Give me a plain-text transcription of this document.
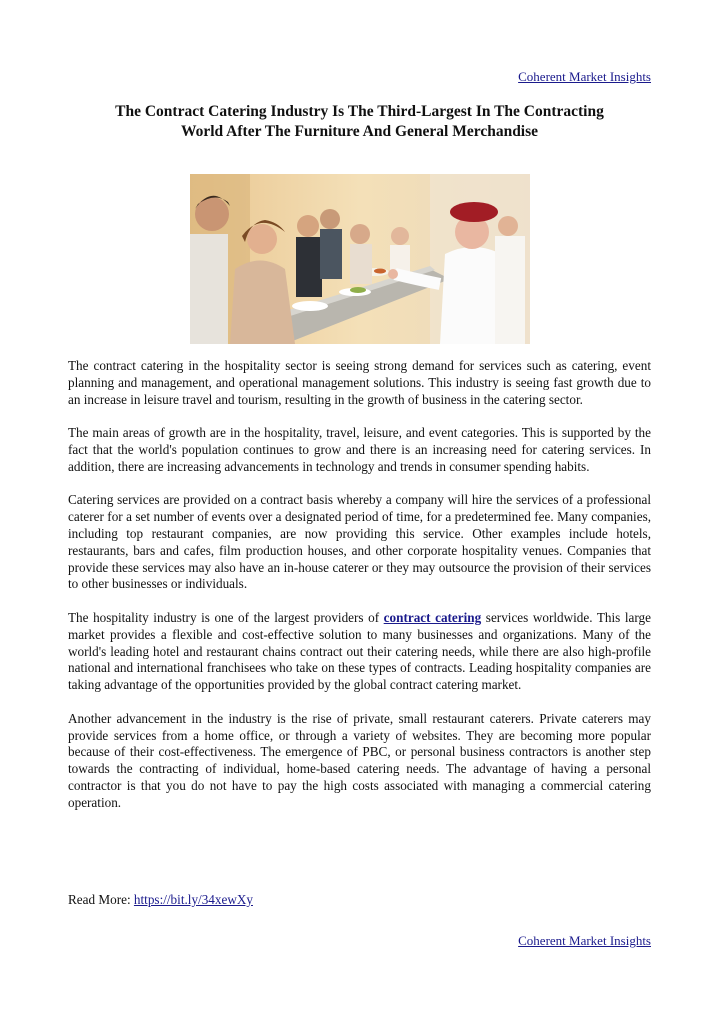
Coherent Market Insights
The Contract Catering Industry Is The Third-Largest In The Contracting
World After The Furniture And General Merchandise

The contract catering in the hospitality sector is seeing strong demand for services such as catering, event planning and management, and operational management solutions. This industry is seeing fast growth due to an increase in leisure travel and tourism, resulting in the growth of business in the catering sector.

The main areas of growth are in the hospitality, travel, leisure, and event categories. This is supported by the fact that the world's population continues to grow and there is an increasing need for catering services. In addition, there are increasing advancements in technology and trends in consumer spending habits.

Catering services are provided on a contract basis whereby a company will hire the services of a professional caterer for a set number of events over a designated period of time, for a predetermined fee. Many companies, including top restaurant companies, are now providing this service. Other examples include hotels, restaurants, bars and cafes, film production houses, and other corporate hospitality venues. Companies that provide these services may also have an in-house caterer or they may outsource the provision of their services to other businesses or individuals.

The hospitality industry is one of the largest providers of contract catering services worldwide. This large market provides a flexible and cost-effective solution to many businesses and organizations. Many of the world's leading hotel and restaurant chains contract out their catering needs, while there are also high-profile national and international franchisees who take on these types of contracts. Leading hospitality companies are taking advantage of the opportunities provided by the global contract catering market.

Another advancement in the industry is the rise of private, small restaurant caterers. Private caterers may provide services from a home office, or through a variety of websites. They are becoming more popular because of their cost-effectiveness. The emergence of PBC, or personal business contractors is another step towards the contracting of individual, home-based catering needs. The advantage of having a personal contractor is that you do not have to pay the high costs associated with managing a commercial catering operation.

Read More: https://bit.ly/34xewXy
Coherent Market Insights
